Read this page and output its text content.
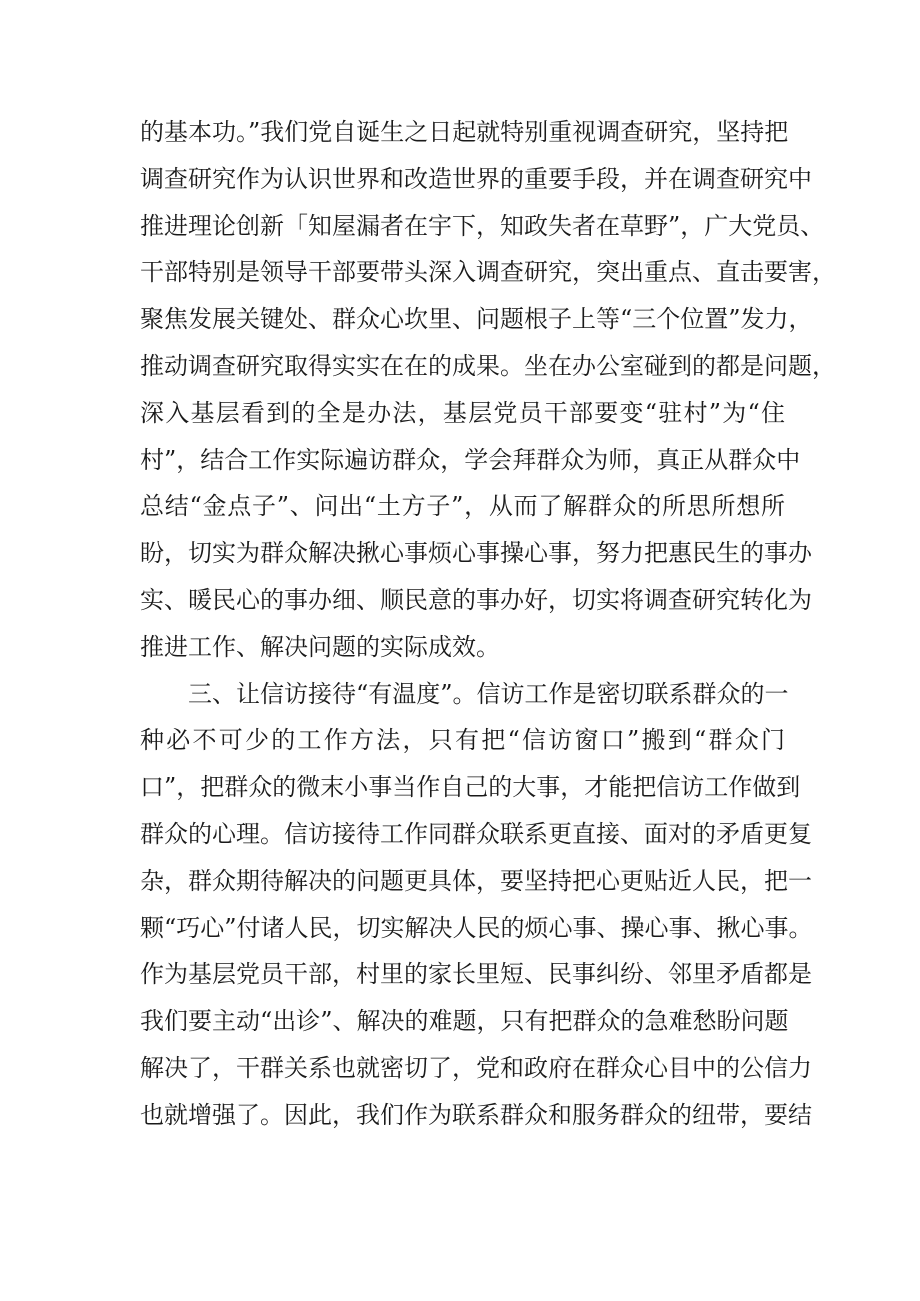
的基本功。”我们党自诞生之日起就特别重视调查研究，坚持把
调查研究作为认识世界和改造世界的重要手段，并在调查研究中
推进理论创新「知屋漏者在宇下，知政失者在草野”，广大党员、
干部特别是领导干部要带头深入调查研究，突出重点、直击要害，
聚焦发展关键处、群众心坎里、问题根子上等“三个位置”发力，
推动调查研究取得实实在在的成果。坐在办公室碰到的都是问题，
深入基层看到的全是办法，基层党员干部要变“驻村”为“住
村”，结合工作实际遍访群众，学会拜群众为师，真正从群众中
总结“金点子”、问出“土方子”，从而了解群众的所思所想所
盼，切实为群众解决揪心事烦心事操心事，努力把惠民生的事办
实、暖民心的事办细、顺民意的事办好，切实将调查研究转化为
推进工作、解决问题的实际成效。
三、让信访接待“有温度”。信访工作是密切联系群众的一
种必不可少的工作方法，只有把“信访窗口”搬到“群众门
口”，把群众的微末小事当作自己的大事，才能把信访工作做到
群众的心理。信访接待工作同群众联系更直接、面对的矛盾更复
杂，群众期待解决的问题更具体，要坚持把心更贴近人民，把一
颗“巧心”付诸人民，切实解决人民的烦心事、操心事、揪心事。
作为基层党员干部，村里的家长里短、民事纠纷、邻里矛盾都是
我们要主动“出诊”、解决的难题，只有把群众的急难愁盼问题
解决了，干群关系也就密切了，党和政府在群众心目中的公信力
也就增强了。因此，我们作为联系群众和服务群众的纽带，要结
